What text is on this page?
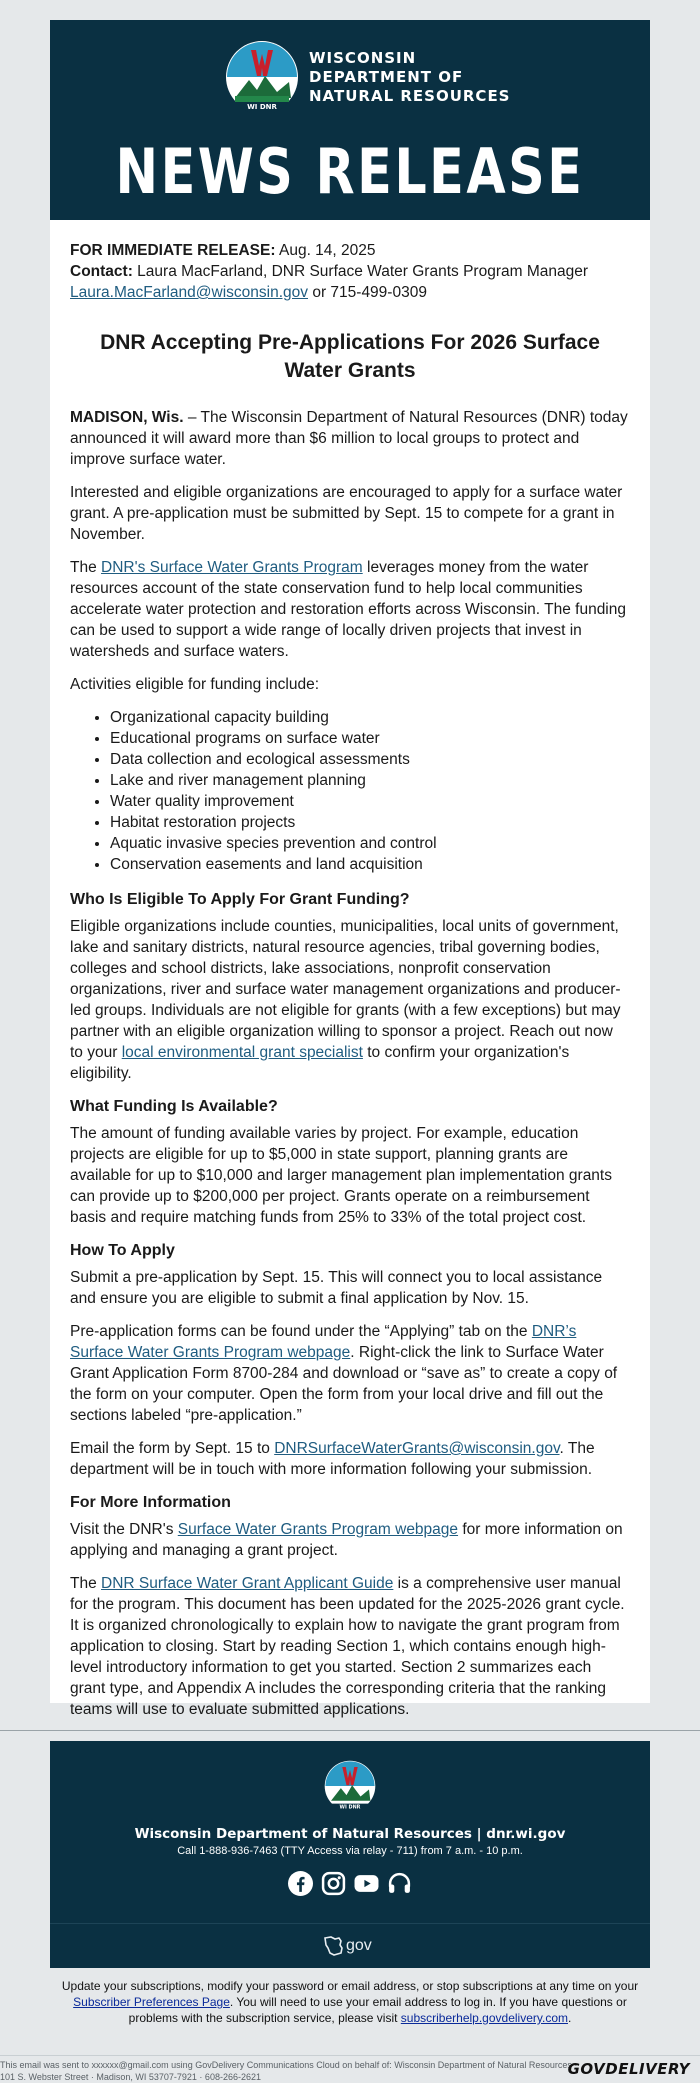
WI DNR
WISCONSIN
DEPARTMENT OF
NATURAL RESOURCES
NEWS RELEASE

FOR IMMEDIATE RELEASE: Aug. 14, 2025

Contact: Laura MacFarland, DNR Surface Water Grants Program Manager

Laura.MacFarland@wisconsin.gov or 715-499-0309

DNR Accepting Pre-Applications For 2026 Surface Water Grants

MADISON, Wis. – The Wisconsin Department of Natural Resources (DNR) today announced it will award more than $6 million to local groups to protect and improve surface water.

Interested and eligible organizations are encouraged to apply for a surface water grant. A pre-application must be submitted by Sept. 15 to compete for a grant in November.

The DNR's Surface Water Grants Program leverages money from the water resources account of the state conservation fund to help local communities accelerate water protection and restoration efforts across Wisconsin. The funding can be used to support a wide range of locally driven projects that invest in watersheds and surface waters.

Activities eligible for funding include:

• Organizational capacity building
• Educational programs on surface water
• Data collection and ecological assessments
• Lake and river management planning
• Water quality improvement
• Habitat restoration projects
• Aquatic invasive species prevention and control
• Conservation easements and land acquisition
Who Is Eligible To Apply For Grant Funding?

Eligible organizations include counties, municipalities, local units of government, lake and sanitary districts, natural resource agencies, tribal governing bodies, colleges and school districts, lake associations, nonprofit conservation organizations, river and surface water management organizations and producer-led groups. Individuals are not eligible for grants (with a few exceptions) but may partner with an eligible organization willing to sponsor a project. Reach out now to your local environmental grant specialist to confirm your organization's eligibility.

What Funding Is Available?

The amount of funding available varies by project. For example, education projects are eligible for up to $5,000 in state support, planning grants are available for up to $10,000 and larger management plan implementation grants can provide up to $200,000 per project. Grants operate on a reimbursement basis and require matching funds from 25% to 33% of the total project cost.

How To Apply

Submit a pre-application by Sept. 15. This will connect you to local assistance and ensure you are eligible to submit a final application by Nov. 15.

Pre-application forms can be found under the “Applying” tab on the DNR’s Surface Water Grants Program webpage. Right-click the link to Surface Water Grant Application Form 8700-284 and download or “save as” to create a copy of the form on your computer. Open the form from your local drive and fill out the sections labeled “pre-application.”

Email the form by Sept. 15 to DNRSurfaceWaterGrants@wisconsin.gov. The department will be in touch with more information following your submission.

For More Information

Visit the DNR's Surface Water Grants Program webpage for more information on applying and managing a grant project.

The DNR Surface Water Grant Applicant Guide is a comprehensive user manual for the program. This document has been updated for the 2025-2026 grant cycle. It is organized chronologically to explain how to navigate the grant program from application to closing. Start by reading Section 1, which contains enough high-level introductory information to get you started. Section 2 summarizes each grant type, and Appendix A includes the corresponding criteria that the ranking teams will use to evaluate submitted applications.

WI DNR
Wisconsin Department of Natural Resources | dnr.wi.gov
Call 1-888-936-7463 (TTY Access via relay - 711) from 7 a.m. - 10 p.m.
gov
Update your subscriptions, modify your password or email address, or stop subscriptions at any time on your Subscriber Preferences Page. You will need to use your email address to log in. If you have questions or problems with the subscription service, please visit subscriberhelp.govdelivery.com.
This email was sent to xxxxxx@gmail.com using GovDelivery Communications Cloud on behalf of: Wisconsin Department of Natural Resources · 101 S. Webster Street · Madison, WI 53707-7921 · 608-266-2621	GOVDELIVERY
